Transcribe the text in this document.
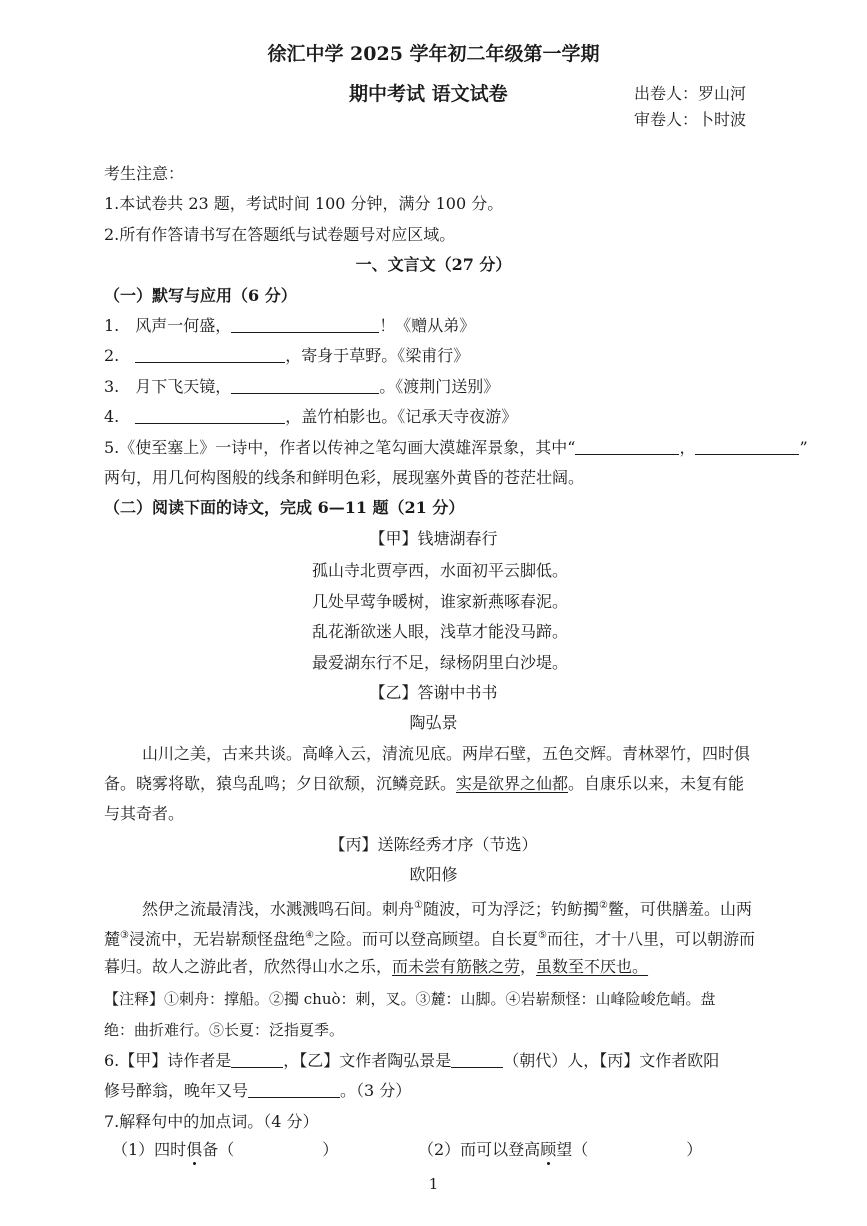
徐汇中学 2025 学年初二年级第一学期
期中考试 语文试卷	出卷人：罗山河
审卷人：卜时波
考生注意：
1.本试卷共 23 题，考试时间 100 分钟，满分 100 分。
2.所有作答请书写在答题纸与试卷题号对应区域。
一、文言文（27 分）
（一）默写与应用（6 分）
1. 风声一何盛，	！《赠从弟》
2.	，寄身于草野。《梁甫行》
3. 月下飞天镜，	。《渡荆门送别》
4.	，盖竹柏影也。《记承天寺夜游》
5.《使至塞上》一诗中，作者以传神之笔勾画大漠雄浑景象，其中“	，	”
两句，用几何构图般的线条和鲜明色彩，展现塞外黄昏的苍茫壮阔。
（二）阅读下面的诗文，完成 6—11 题（21 分）
【甲】钱塘湖春行
孤山寺北贾亭西，水面初平云脚低。
几处早莺争暖树，谁家新燕啄春泥。
乱花渐欲迷人眼，浅草才能没马蹄。
最爱湖东行不足，绿杨阴里白沙堤。
【乙】答谢中书书
陶弘景
山川之美，古来共谈。高峰入云，清流见底。两岸石壁，五色交辉。青林翠竹，四时俱
备。晓雾将歇，猿鸟乱鸣；夕日欲颓，沉鳞竞跃。实是欲界之仙都。自康乐以来，未复有能
与其奇者。
【丙】送陈经秀才序（节选）
欧阳修
然伊之流最清浅，水溅溅鸣石间。刺舟①随波，可为浮泛；钓鲂擉②鳖，可供膳羞。山两
麓③浸流中，无岩崭颓怪盘绝④之险。而可以登高顾望。自长夏⑤而往，才十八里，可以朝游而
暮归。故人之游此者，欣然得山水之乐，而未尝有筋骸之劳，虽数至不厌也。
【注释】①刺舟：撑船。②擉 chuò：刺，叉。③麓：山脚。④岩崭颓怪：山峰险峻危峭。盘
绝：曲折难行。⑤长夏：泛指夏季。
6.【甲】诗作者是	，【乙】文作者陶弘景是	（朝代）人，【丙】文作者欧阳
修号醉翁，晚年又号	。（3 分）
7.解释句中的加点词。（4 分）
（1）四时俱备（	）	（2）而可以登高顾望（	）
1
